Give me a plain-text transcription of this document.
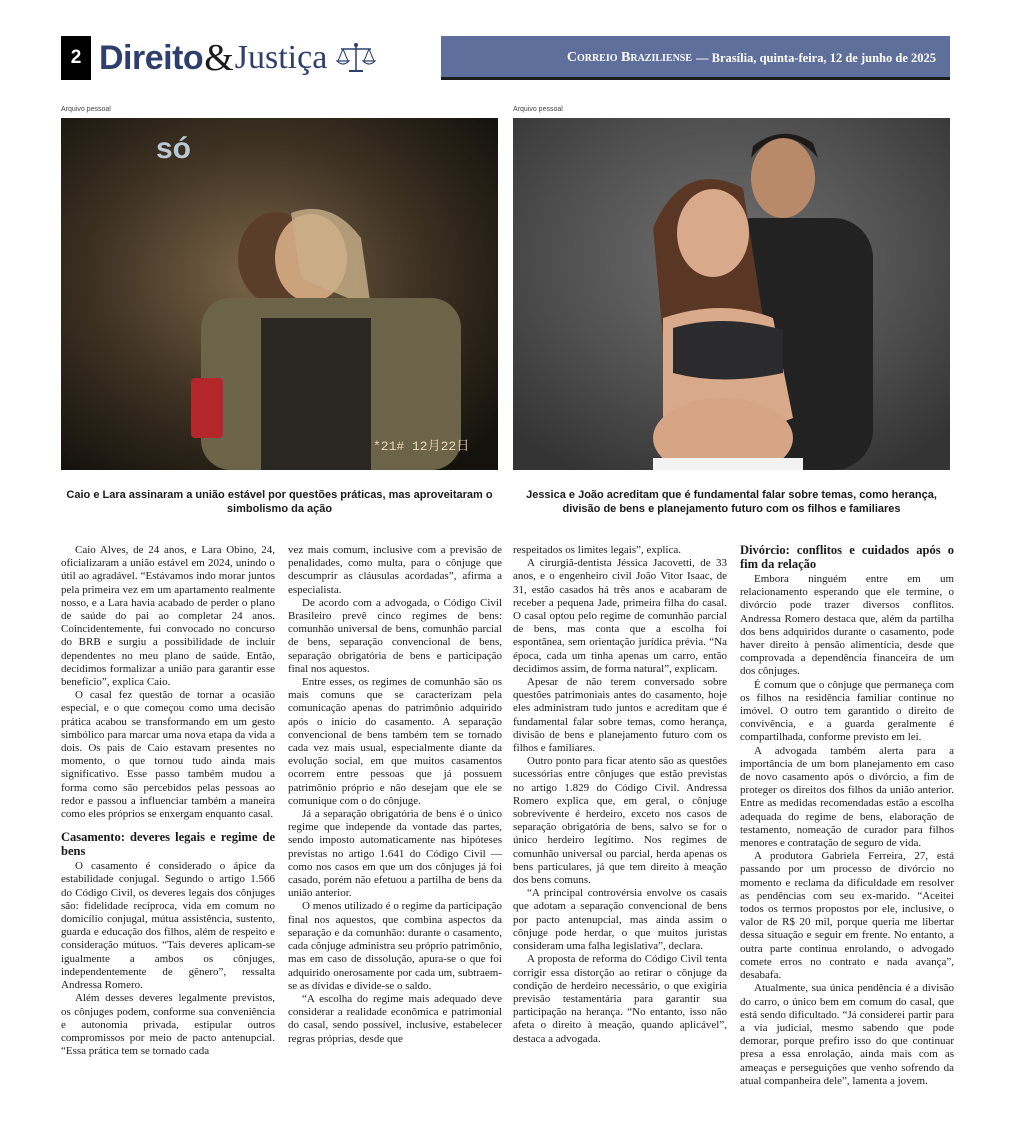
2 Direito & Justiça	Correio Braziliense — Brasília, quinta-feira, 12 de junho de 2025
Arquivo pessoal
só
*21# 12月22日
Arquivo pessoal
Caio e Lara assinaram a união estável por questões práticas, mas aproveitaram o simbolismo da ação
Jessica e João acreditam que é fundamental falar sobre temas, como herança, divisão de bens e planejamento futuro com os filhos e familiares

Caio Alves, de 24 anos, e Lara Obino, 24, oficializaram a união estável em 2024, unindo o útil ao agradável. “Estávamos indo morar juntos pela primeira vez em um apartamento realmente nosso, e a Lara havia acabado de perder o plano de saúde do pai ao completar 24 anos. Coincidentemente, fui convocado no concurso do BRB e surgiu a possibilidade de incluir dependentes no meu plano de saúde. Então, decidimos formalizar a união para garantir esse benefício”, explica Caio.

O casal fez questão de tornar a ocasião especial, e o que começou como uma decisão prática acabou se transformando em um gesto simbólico para marcar uma nova etapa da vida a dois. Os pais de Caio estavam presentes no momento, o que tornou tudo ainda mais significativo. Esse passo também mudou a forma como são percebidos pelas pessoas ao redor e passou a influenciar também a maneira como eles próprios se enxergam enquanto casal.

Casamento: deveres legais e regime de bens

O casamento é considerado o ápice da estabilidade conjugal. Segundo o artigo 1.566 do Código Civil, os deveres legais dos cônjuges são: fidelidade recíproca, vida em comum no domicílio conjugal, mútua assistência, sustento, guarda e educação dos filhos, além de respeito e consideração mútuos. “Tais deveres aplicam-se igualmente a ambos os cônjuges, independentemente de gênero”, ressalta Andressa Romero.

Além desses deveres legalmente previstos, os cônjuges podem, conforme sua conveniência e autonomia privada, estipular outros compromissos por meio de pacto antenupcial. “Essa prática tem se tornado cada

vez mais comum, inclusive com a previsão de penalidades, como multa, para o cônjuge que descumprir as cláusulas acordadas”, afirma a especialista.

De acordo com a advogada, o Código Civil Brasileiro prevê cinco regimes de bens: comunhão universal de bens, comunhão parcial de bens, separação convencional de bens, separação obrigatória de bens e participação final nos aquestos.

Entre esses, os regimes de comunhão são os mais comuns que se caracterizam pela comunicação apenas do patrimônio adquirido após o início do casamento. A separação convencional de bens também tem se tornado cada vez mais usual, especialmente diante da evolução social, em que muitos casamentos ocorrem entre pessoas que já possuem patrimônio próprio e não desejam que ele se comunique com o do cônjuge.

Já a separação obrigatória de bens é o único regime que independe da vontade das partes, sendo imposto automaticamente nas hipóteses previstas no artigo 1.641 do Código Civil — como nos casos em que um dos cônjuges já foi casado, porém não efetuou a partilha de bens da união anterior.

O menos utilizado é o regime da participação final nos aquestos, que combina aspectos da separação e da comunhão: durante o casamento, cada cônjuge administra seu próprio patrimônio, mas em caso de dissolução, apura-se o que foi adquirido onerosamente por cada um, subtraem-se as dívidas e divide-se o saldo.

“A escolha do regime mais adequado deve considerar a realidade econômica e patrimonial do casal, sendo possível, inclusive, estabelecer regras próprias, desde que

respeitados os limites legais”, explica.

A cirurgiã-dentista Jéssica Jacovetti, de 33 anos, e o engenheiro civil João Vitor Isaac, de 31, estão casados há três anos e acabaram de receber a pequena Jade, primeira filha do casal. O casal optou pelo regime de comunhão parcial de bens, mas conta que a escolha foi espontânea, sem orientação jurídica prévia. “Na época, cada um tinha apenas um carro, então decidimos assim, de forma natural”, explicam.

Apesar de não terem conversado sobre questões patrimoniais antes do casamento, hoje eles administram tudo juntos e acreditam que é fundamental falar sobre temas, como herança, divisão de bens e planejamento futuro com os filhos e familiares.

Outro ponto para ficar atento são as questões sucessórias entre cônjuges que estão previstas no artigo 1.829 do Código Civil. Andressa Romero explica que, em geral, o cônjuge sobrevivente é herdeiro, exceto nos casos de separação obrigatória de bens, salvo se for o único herdeiro legítimo. Nos regimes de comunhão universal ou parcial, herda apenas os bens particulares, já que tem direito à meação dos bens comuns.

“A principal controvérsia envolve os casais que adotam a separação convencional de bens por pacto antenupcial, mas ainda assim o cônjuge pode herdar, o que muitos juristas consideram uma falha legislativa”, declara.

A proposta de reforma do Código Civil tenta corrigir essa distorção ao retirar o cônjuge da condição de herdeiro necessário, o que exigiria previsão testamentária para garantir sua participação na herança. “No entanto, isso não afeta o direito à meação, quando aplicável”, destaca a advogada.

Divórcio: conflitos e cuidados após o fim da relação

Embora ninguém entre em um relacionamento esperando que ele termine, o divórcio pode trazer diversos conflitos. Andressa Romero destaca que, além da partilha dos bens adquiridos durante o casamento, pode haver direito à pensão alimentícia, desde que comprovada a dependência financeira de um dos cônjuges.

É comum que o cônjuge que permaneça com os filhos na residência familiar continue no imóvel. O outro tem garantido o direito de convivência, e a guarda geralmente é compartilhada, conforme previsto em lei.

A advogada também alerta para a importância de um bom planejamento em caso de novo casamento após o divórcio, a fim de proteger os direitos dos filhos da união anterior. Entre as medidas recomendadas estão a escolha adequada do regime de bens, elaboração de testamento, nomeação de curador para filhos menores e contratação de seguro de vida.

A produtora Gabriela Ferreira, 27, está passando por um processo de divórcio no momento e reclama da dificuldade em resolver as pendências com seu ex-marido. “Aceitei todos os termos propostos por ele, inclusive, o valor de R$ 20 mil, porque queria me libertar dessa situação e seguir em frente. No entanto, a outra parte continua enrolando, o advogado comete erros no contrato e nada avança”, desabafa.

Atualmente, sua única pendência é a divisão do carro, o único bem em comum do casal, que está sendo dificultado. “Já considerei partir para a via judicial, mesmo sabendo que pode demorar, porque prefiro isso do que continuar presa a essa enrolação, ainda mais com as ameaças e perseguições que venho sofrendo da atual companheira dele”, lamenta a jovem.
